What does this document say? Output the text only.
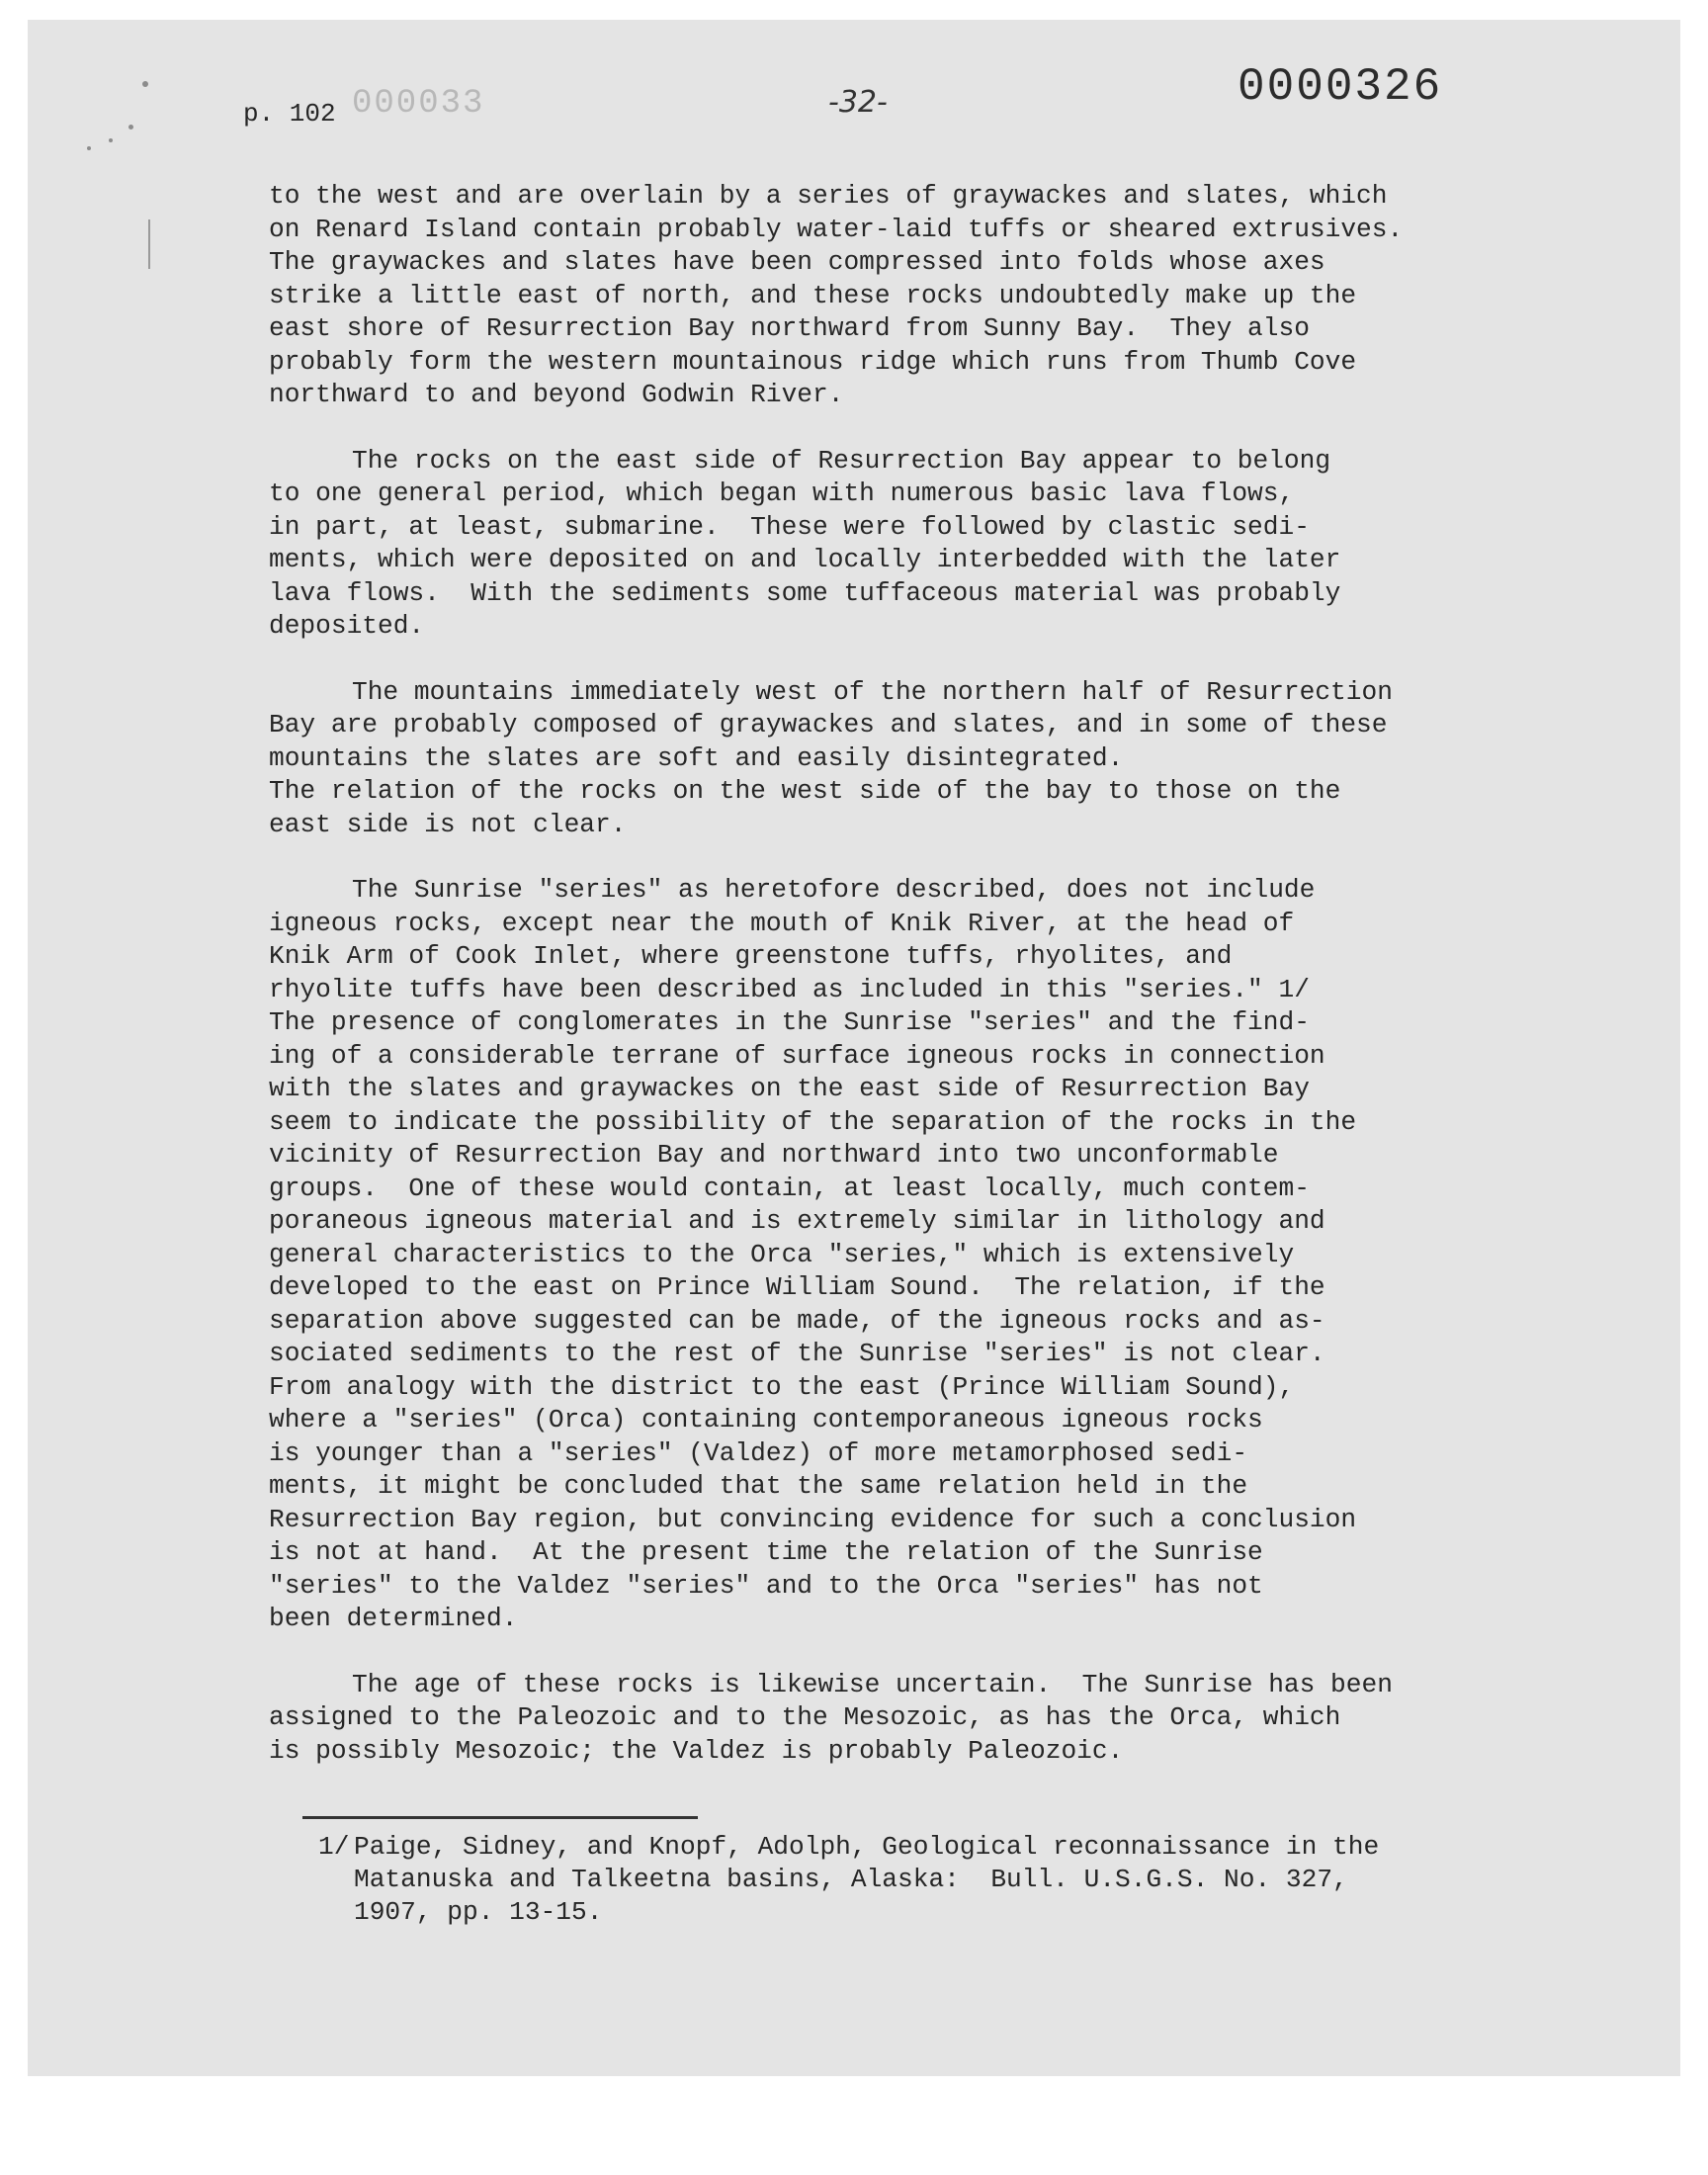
p. 102 000033	-32-	0000326
to the west and are overlain by a series of graywackes and slates, which
on Renard Island contain probably water-laid tuffs or sheared extrusives.
The graywackes and slates have been compressed into folds whose axes
strike a little east of north, and these rocks undoubtedly make up the
east shore of Resurrection Bay northward from Sunny Bay.  They also
probably form the western mountainous ridge which runs from Thumb Cove
northward to and beyond Godwin River.
The rocks on the east side of Resurrection Bay appear to belong
to one general period, which began with numerous basic lava flows,
in part, at least, submarine.  These were followed by clastic sedi-
ments, which were deposited on and locally interbedded with the later
lava flows.  With the sediments some tuffaceous material was probably
deposited.
The mountains immediately west of the northern half of Resurrection
Bay are probably composed of graywackes and slates, and in some of these
mountains the slates are soft and easily disintegrated.
The relation of the rocks on the west side of the bay to those on the
east side is not clear.
The Sunrise "series" as heretofore described, does not include
igneous rocks, except near the mouth of Knik River, at the head of
Knik Arm of Cook Inlet, where greenstone tuffs, rhyolites, and
rhyolite tuffs have been described as included in this "series." 1/
The presence of conglomerates in the Sunrise "series" and the find-
ing of a considerable terrane of surface igneous rocks in connection
with the slates and graywackes on the east side of Resurrection Bay
seem to indicate the possibility of the separation of the rocks in the
vicinity of Resurrection Bay and northward into two unconformable
groups.  One of these would contain, at least locally, much contem-
poraneous igneous material and is extremely similar in lithology and
general characteristics to the Orca "series," which is extensively
developed to the east on Prince William Sound.  The relation, if the
separation above suggested can be made, of the igneous rocks and as-
sociated sediments to the rest of the Sunrise "series" is not clear.
From analogy with the district to the east (Prince William Sound),
where a "series" (Orca) containing contemporaneous igneous rocks
is younger than a "series" (Valdez) of more metamorphosed sedi-
ments, it might be concluded that the same relation held in the
Resurrection Bay region, but convincing evidence for such a conclusion
is not at hand.  At the present time the relation of the Sunrise
"series" to the Valdez "series" and to the Orca "series" has not
been determined.
The age of these rocks is likewise uncertain.  The Sunrise has been
assigned to the Paleozoic and to the Mesozoic, as has the Orca, which
is possibly Mesozoic; the Valdez is probably Paleozoic.
1/ Paige, Sidney, and Knopf, Adolph, Geological reconnaissance in the
Matanuska and Talkeetna basins, Alaska:  Bull. U.S.G.S. No. 327,
1907, pp. 13-15.
